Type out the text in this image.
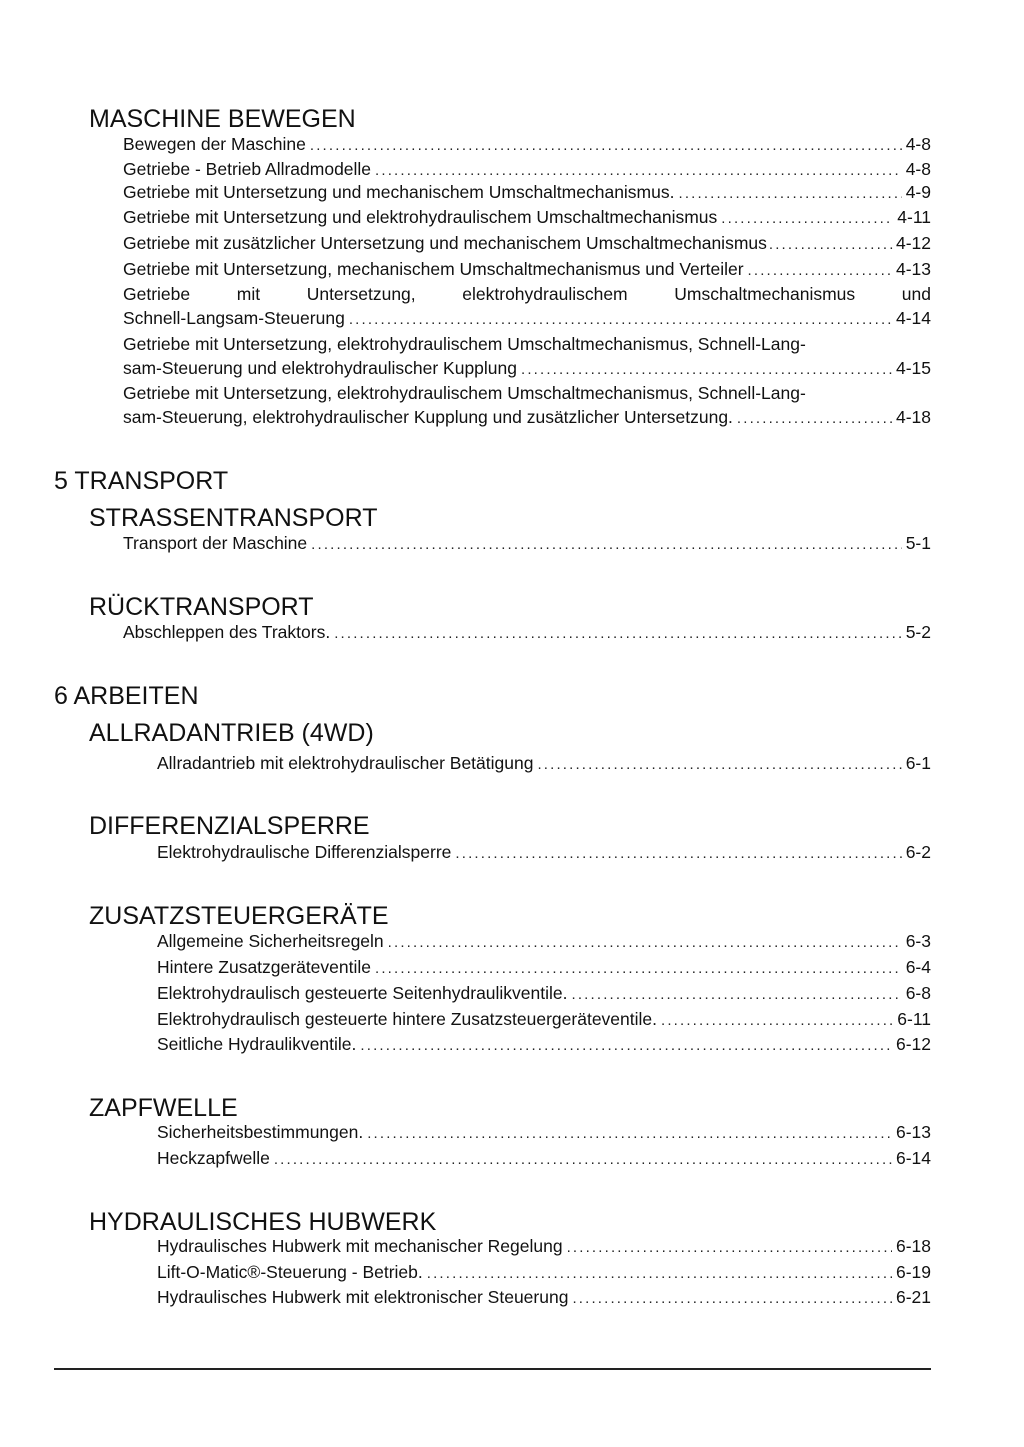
MASCHINE BEWEGEN
Bewegen der Maschine . . .	4-8
Getriebe - Betrieb Allradmodelle . . .	4-8
Getriebe mit Untersetzung und mechanischem Umschaltmechanismus. . . .	4-9
Getriebe mit Untersetzung und elektrohydraulischem Umschaltmechanismus . . .	4-11
Getriebe mit zusätzlicher Untersetzung und mechanischem Umschaltmechanismus . . .	4-12
Getriebe mit Untersetzung, mechanischem Umschaltmechanismus und Verteiler . . .	4-13
Getriebe	mit	Untersetzung,	elektrohydraulischem	Umschaltmechanismus	und
Schnell-Langsam-Steuerung . . .	4-14
Getriebe mit Untersetzung, elektrohydraulischem Umschaltmechanismus, Schnell-Lang-
sam-Steuerung und elektrohydraulischer Kupplung . . .	4-15
Getriebe mit Untersetzung, elektrohydraulischem Umschaltmechanismus, Schnell-Lang-
sam-Steuerung, elektrohydraulischer Kupplung und zusätzlicher Untersetzung. . . .	4-18
5 TRANSPORT
STRASSENTRANSPORT
Transport der Maschine . . .	5-1
RÜCKTRANSPORT
Abschleppen des Traktors. . . .	5-2
6 ARBEITEN
ALLRADANTRIEB (4WD)
Allradantrieb mit elektrohydraulischer Betätigung . . .	6-1
DIFFERENZIALSPERRE
Elektrohydraulische Differenzialsperre . . .	6-2
ZUSATZSTEUERGERÄTE
Allgemeine Sicherheitsregeln . . .	6-3
Hintere Zusatzgeräteventile . . .	6-4
Elektrohydraulisch gesteuerte Seitenhydraulikventile. . . .	6-8
Elektrohydraulisch gesteuerte hintere Zusatzsteuergeräteventile. . . .	6-11
Seitliche Hydraulikventile. . . .	6-12
ZAPFWELLE
Sicherheitsbestimmungen. . . .	6-13
Heckzapfwelle . . .	6-14
HYDRAULISCHES HUBWERK
Hydraulisches Hubwerk mit mechanischer Regelung . . .	6-18
Lift-O-Matic®-Steuerung - Betrieb. . . .	6-19
Hydraulisches Hubwerk mit elektronischer Steuerung . . .	6-21
